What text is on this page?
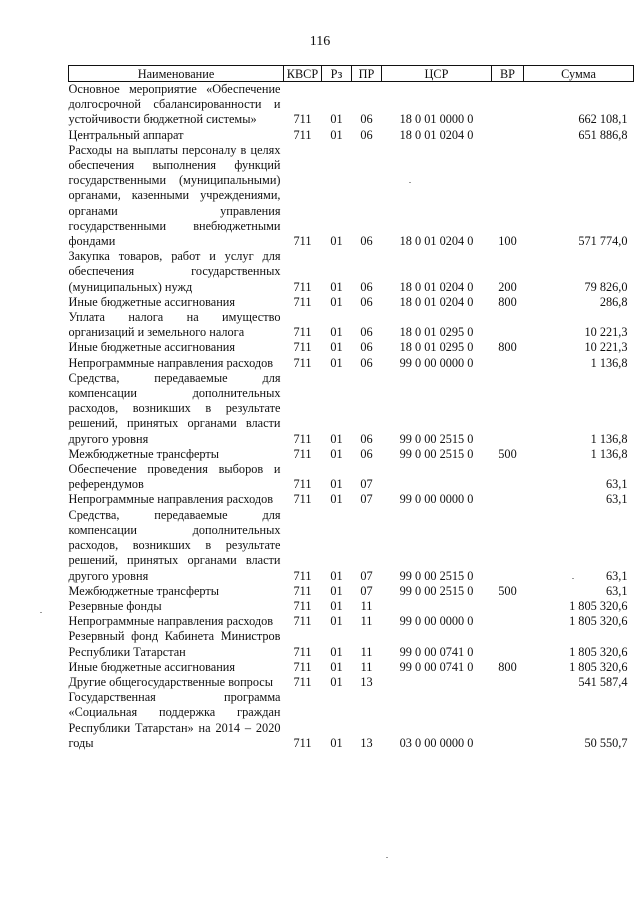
116
Наименование	КВСР	Рз	ПР	ЦСР	ВР	Сумма
Основное мероприятие «Обеспечение долгосрочной сбалансированности и устойчивости бюджетной системы»	711	01	06	18 0 01 0000 0		662 108,1
Центральный аппарат	711	01	06	18 0 01 0204 0		651 886,8
Расходы на выплаты персоналу в целях обеспечения выполнения функций государственными (муниципальными) органами, казенными учреждениями, органами управления государственными внебюджетными фондами	711	01	06	18 0 01 0204 0	100	571 774,0
Закупка товаров, работ и услуг для обеспечения государственных (муниципальных) нужд	711	01	06	18 0 01 0204 0	200	79 826,0
Иные бюджетные ассигнования	711	01	06	18 0 01 0204 0	800	286,8
Уплата налога на имущество организаций и земельного налога	711	01	06	18 0 01 0295 0		10 221,3
Иные бюджетные ассигнования	711	01	06	18 0 01 0295 0	800	10 221,3
Непрограммные направления расходов	711	01	06	99 0 00 0000 0		1 136,8
Средства, передаваемые для компенсации дополнительных расходов, возникших в результате решений, принятых органами власти другого уровня	711	01	06	99 0 00 2515 0		1 136,8
Межбюджетные трансферты	711	01	06	99 0 00 2515 0	500	1 136,8
Обеспечение проведения выборов и референдумов	711	01	07			63,1
Непрограммные направления расходов	711	01	07	99 0 00 0000 0		63,1
Средства, передаваемые для компенсации дополнительных расходов, возникших в результате решений, принятых органами власти другого уровня	711	01	07	99 0 00 2515 0		63,1
Межбюджетные трансферты	711	01	07	99 0 00 2515 0	500	63,1
Резервные фонды	711	01	11			1 805 320,6
Непрограммные направления расходов	711	01	11	99 0 00 0000 0		1 805 320,6
Резервный фонд Кабинета Министров Республики Татарстан	711	01	11	99 0 00 0741 0		1 805 320,6
Иные бюджетные ассигнования	711	01	11	99 0 00 0741 0	800	1 805 320,6
Другие общегосударственные вопросы	711	01	13			541 587,4
Государственная программа «Социальная поддержка граждан Республики Татарстан» на 2014 – 2020 годы	711	01	13	03 0 00 0000 0		50 550,7
